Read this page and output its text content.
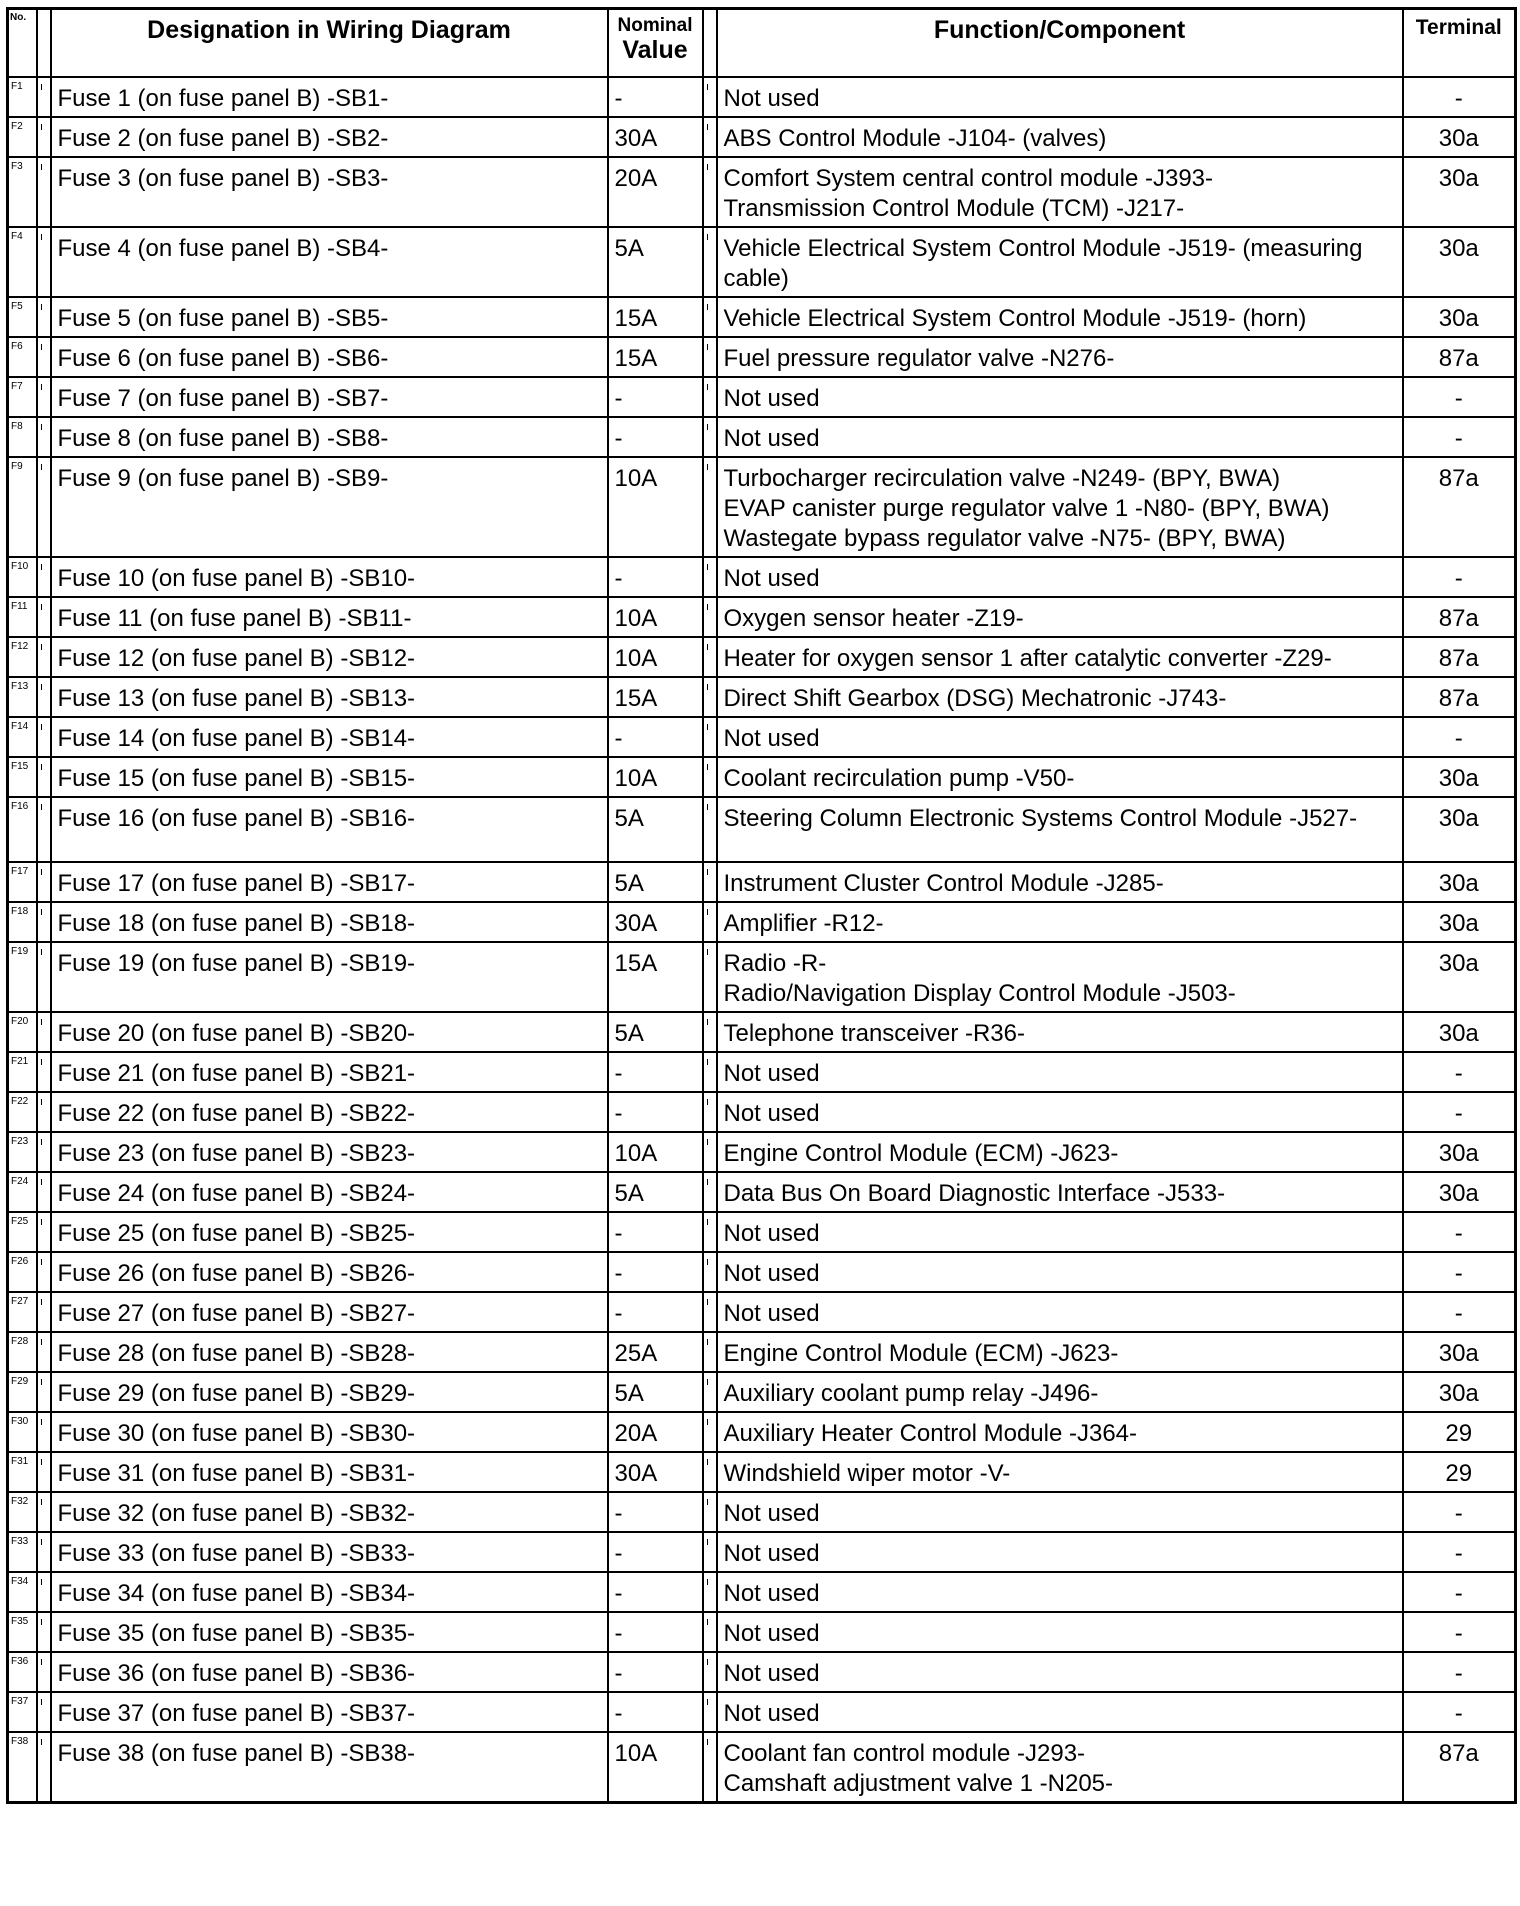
No.		Designation in Wiring Diagram	Nominal
Value		Function/Component	Terminal
F1		Fuse 1 (on fuse panel B) -SB1-	-		Not used	-
F2		Fuse 2 (on fuse panel B) -SB2-	30A		ABS Control Module -J104- (valves)	30a
F3		Fuse 3 (on fuse panel B) -SB3-	20A		Comfort System central control module -J393-
Transmission Control Module (TCM) -J217-	30a
F4		Fuse 4 (on fuse panel B) -SB4-	5A		Vehicle Electrical System Control Module -J519- (measuring
cable)	30a
F5		Fuse 5 (on fuse panel B) -SB5-	15A		Vehicle Electrical System Control Module -J519- (horn)	30a
F6		Fuse 6 (on fuse panel B) -SB6-	15A		Fuel pressure regulator valve -N276-	87a
F7		Fuse 7 (on fuse panel B) -SB7-	-		Not used	-
F8		Fuse 8 (on fuse panel B) -SB8-	-		Not used	-
F9		Fuse 9 (on fuse panel B) -SB9-	10A		Turbocharger recirculation valve -N249- (BPY, BWA)
EVAP canister purge regulator valve 1 -N80- (BPY, BWA)
Wastegate bypass regulator valve -N75- (BPY, BWA)	87a
F10		Fuse 10 (on fuse panel B) -SB10-	-		Not used	-
F11		Fuse 11 (on fuse panel B) -SB11-	10A		Oxygen sensor heater -Z19-	87a
F12		Fuse 12 (on fuse panel B) -SB12-	10A		Heater for oxygen sensor 1 after catalytic converter -Z29-	87a
F13		Fuse 13 (on fuse panel B) -SB13-	15A		Direct Shift Gearbox (DSG) Mechatronic -J743-	87a
F14		Fuse 14 (on fuse panel B) -SB14-	-		Not used	-
F15		Fuse 15 (on fuse panel B) -SB15-	10A		Coolant recirculation pump -V50-	30a
F16		Fuse 16 (on fuse panel B) -SB16-	5A		Steering Column Electronic Systems Control Module -J527-	30a
F17		Fuse 17 (on fuse panel B) -SB17-	5A		Instrument Cluster Control Module -J285-	30a
F18		Fuse 18 (on fuse panel B) -SB18-	30A		Amplifier -R12-	30a
F19		Fuse 19 (on fuse panel B) -SB19-	15A		Radio -R-
Radio/Navigation Display Control Module -J503-	30a
F20		Fuse 20 (on fuse panel B) -SB20-	5A		Telephone transceiver -R36-	30a
F21		Fuse 21 (on fuse panel B) -SB21-	-		Not used	-
F22		Fuse 22 (on fuse panel B) -SB22-	-		Not used	-
F23		Fuse 23 (on fuse panel B) -SB23-	10A		Engine Control Module (ECM) -J623-	30a
F24		Fuse 24 (on fuse panel B) -SB24-	5A		Data Bus On Board Diagnostic Interface -J533-	30a
F25		Fuse 25 (on fuse panel B) -SB25-	-		Not used	-
F26		Fuse 26 (on fuse panel B) -SB26-	-		Not used	-
F27		Fuse 27 (on fuse panel B) -SB27-	-		Not used	-
F28		Fuse 28 (on fuse panel B) -SB28-	25A		Engine Control Module (ECM) -J623-	30a
F29		Fuse 29 (on fuse panel B) -SB29-	5A		Auxiliary coolant pump relay -J496-	30a
F30		Fuse 30 (on fuse panel B) -SB30-	20A		Auxiliary Heater Control Module -J364-	29
F31		Fuse 31 (on fuse panel B) -SB31-	30A		Windshield wiper motor -V-	29
F32		Fuse 32 (on fuse panel B) -SB32-	-		Not used	-
F33		Fuse 33 (on fuse panel B) -SB33-	-		Not used	-
F34		Fuse 34 (on fuse panel B) -SB34-	-		Not used	-
F35		Fuse 35 (on fuse panel B) -SB35-	-		Not used	-
F36		Fuse 36 (on fuse panel B) -SB36-	-		Not used	-
F37		Fuse 37 (on fuse panel B) -SB37-	-		Not used	-
F38		Fuse 38 (on fuse panel B) -SB38-	10A		Coolant fan control module -J293-
Camshaft adjustment valve 1 -N205-	87a
